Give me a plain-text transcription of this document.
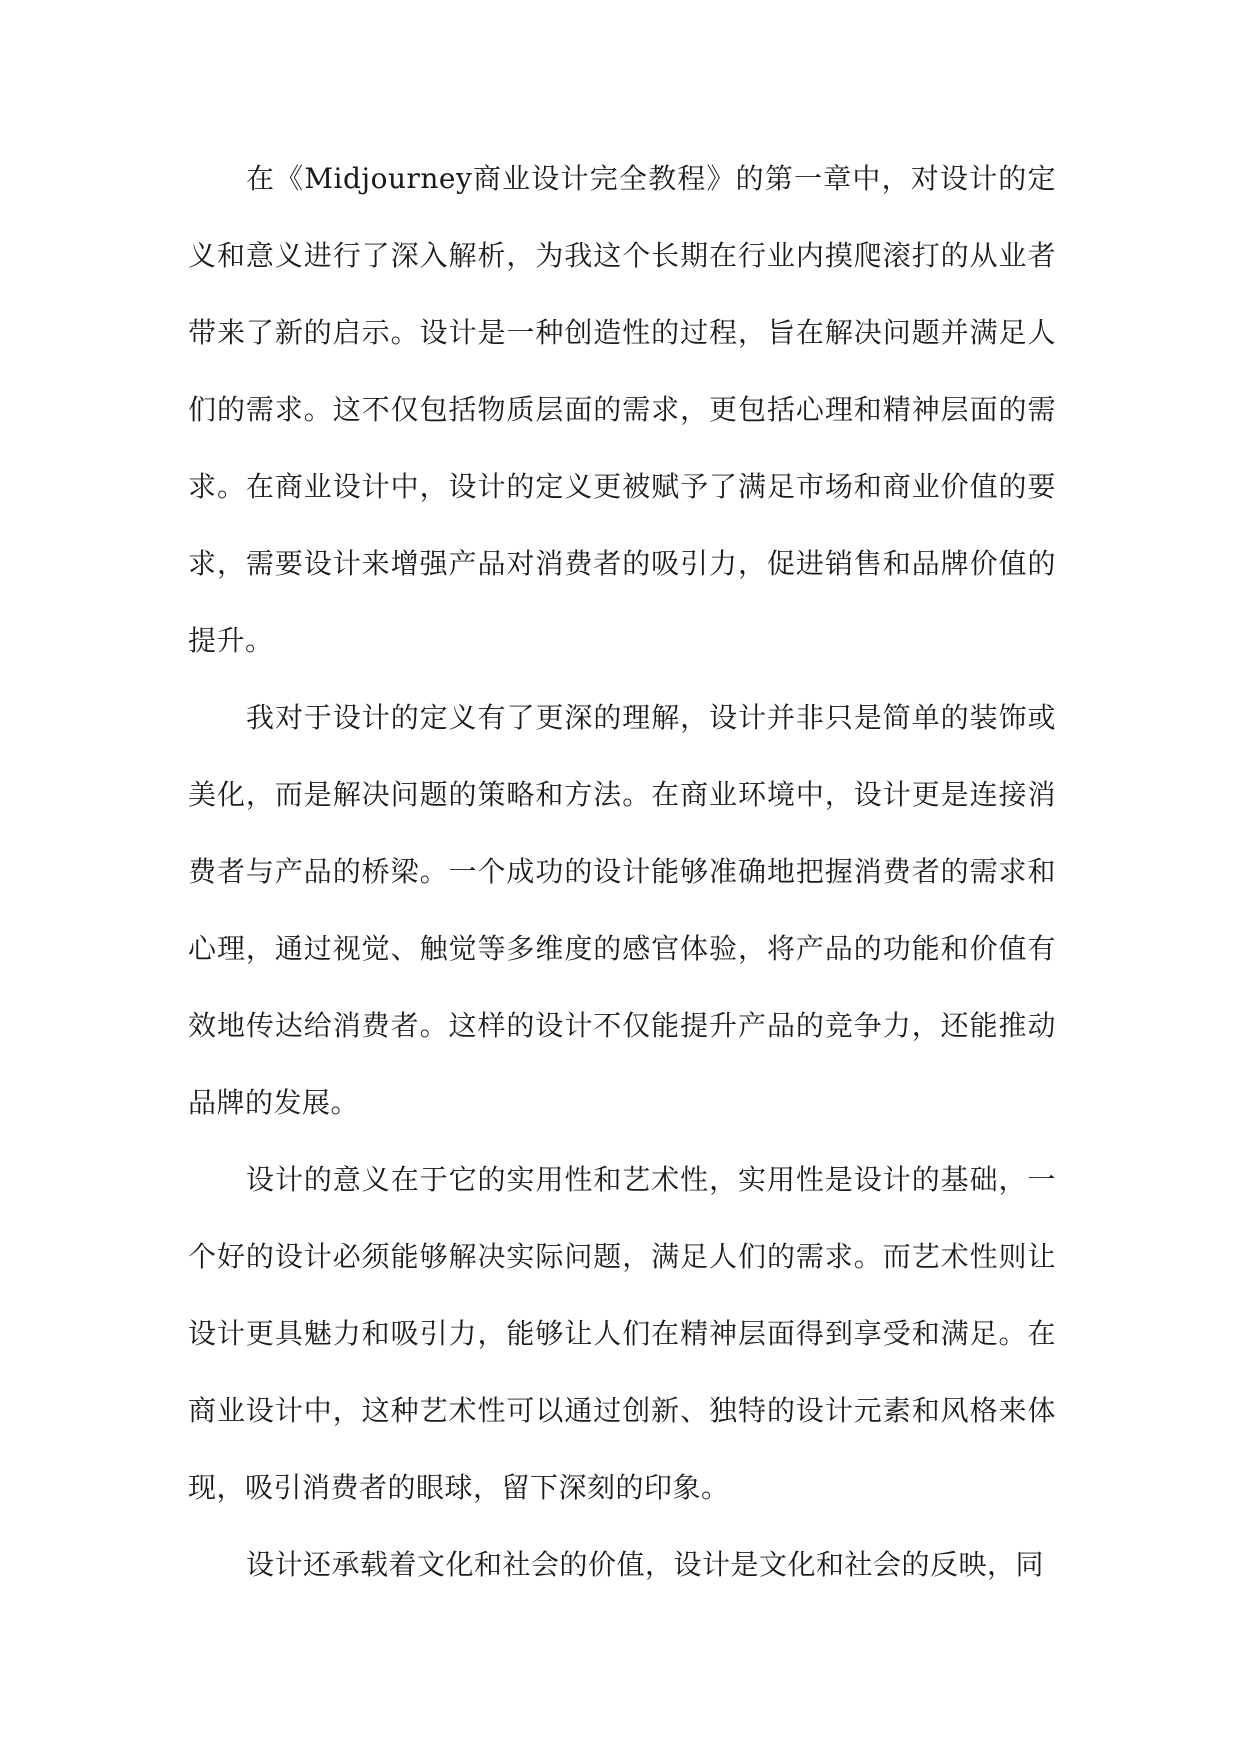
在《Midjourney商业设计完全教程》的第一章中，对设计的定义和意义进行了深入解析，为我这个长期在行业内摸爬滚打的从业者带来了新的启示。设计是一种创造性的过程，旨在解决问题并满足人们的需求。这不仅包括物质层面的需求，更包括心理和精神层面的需求。在商业设计中，设计的定义更被赋予了满足市场和商业价值的要求，需要设计来增强产品对消费者的吸引力，促进销售和品牌价值的提升。

我对于设计的定义有了更深的理解，设计并非只是简单的装饰或美化，而是解决问题的策略和方法。在商业环境中，设计更是连接消费者与产品的桥梁。一个成功的设计能够准确地把握消费者的需求和心理，通过视觉、触觉等多维度的感官体验，将产品的功能和价值有效地传达给消费者。这样的设计不仅能提升产品的竞争力，还能推动品牌的发展。

设计的意义在于它的实用性和艺术性，实用性是设计的基础，一个好的设计必须能够解决实际问题，满足人们的需求。而艺术性则让设计更具魅力和吸引力，能够让人们在精神层面得到享受和满足。在商业设计中，这种艺术性可以通过创新、独特的设计元素和风格来体现，吸引消费者的眼球，留下深刻的印象。

设计还承载着文化和社会的价值，设计是文化和社会的反映，同
